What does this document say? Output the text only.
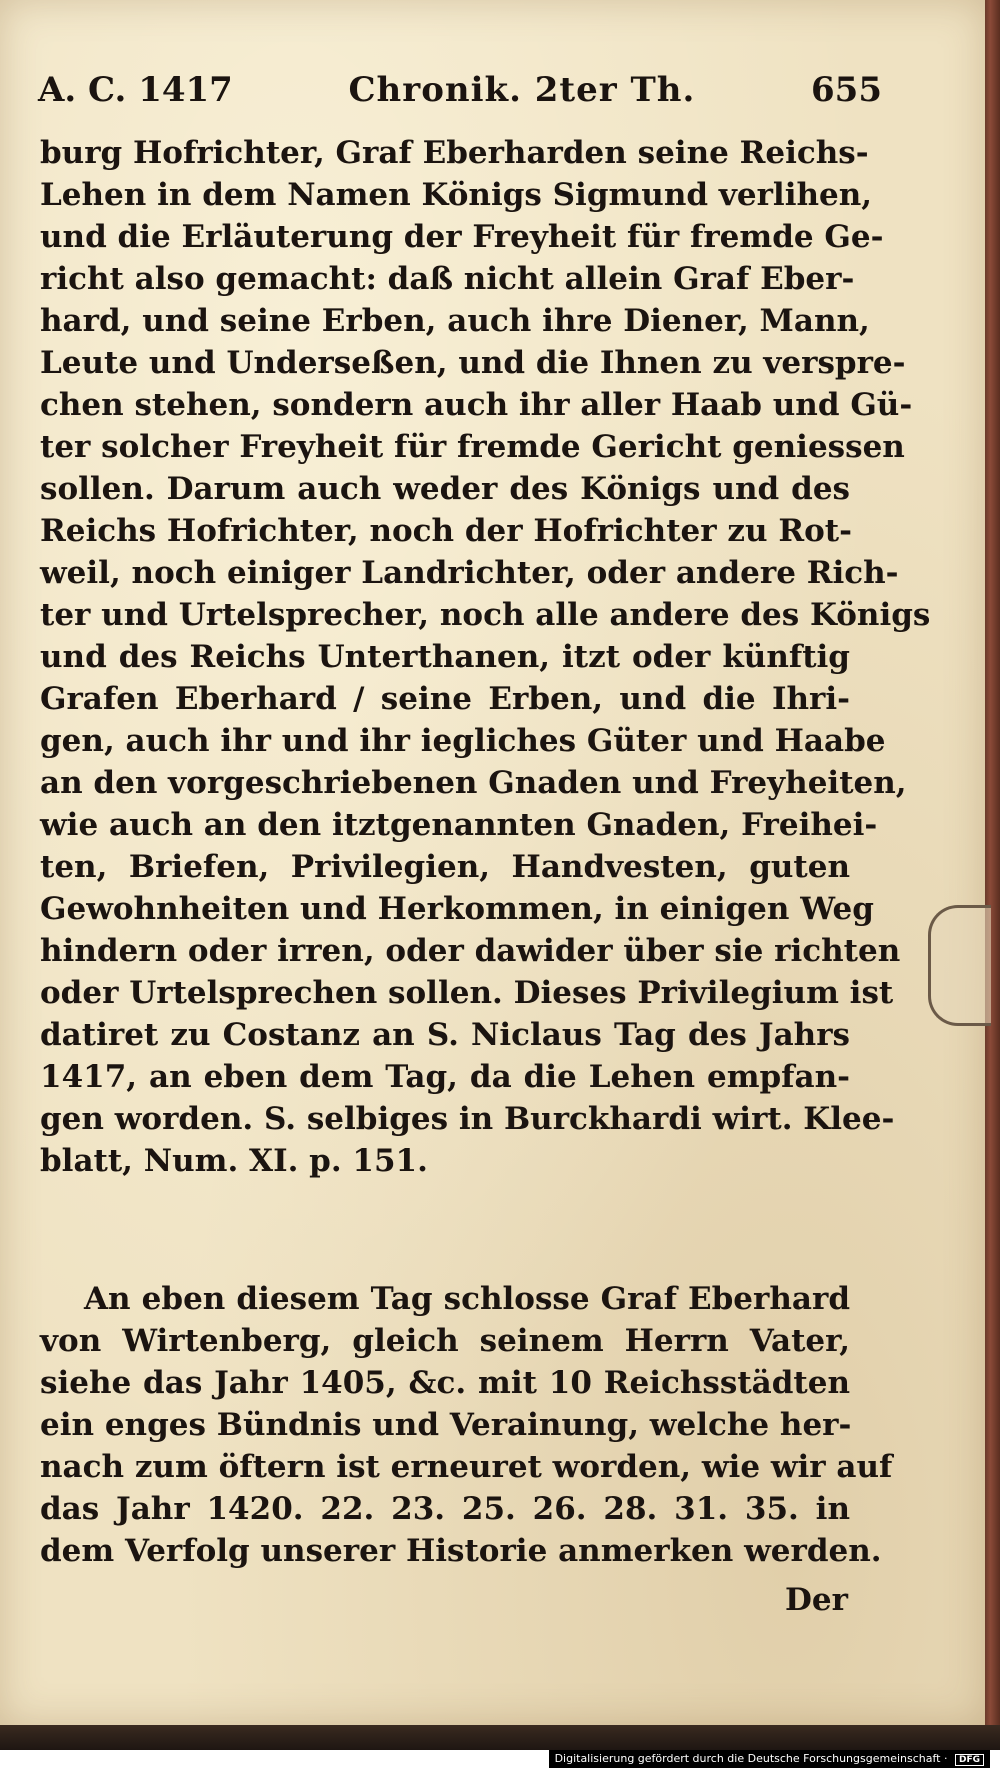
A. C. 1417	Chronik. 2ter Th.	655
burg Hofrichter, Graf Eberharden seine Reichs-
Lehen in dem Namen Königs Sigmund verlihen,
und die Erläuterung der Freyheit für fremde Ge-
richt also gemacht: daß nicht allein Graf Eber-
hard, und seine Erben, auch ihre Diener, Mann,
Leute und Underseßen, und die Ihnen zu verspre-
chen stehen, sondern auch ihr aller Haab und Gü-
ter solcher Freyheit für fremde Gericht geniessen
sollen. Darum auch weder des Königs und des
Reichs Hofrichter, noch der Hofrichter zu Rot-
weil, noch einiger Landrichter, oder andere Rich-
ter und Urtelsprecher, noch alle andere des Königs
und des Reichs Unterthanen, itzt oder künftig
Grafen Eberhard / seine Erben, und die Ihri-
gen, auch ihr und ihr iegliches Güter und Haabe
an den vorgeschriebenen Gnaden und Freyheiten,
wie auch an den itztgenannten Gnaden, Freihei-
ten, Briefen, Privilegien, Handvesten, guten
Gewohnheiten und Herkommen, in einigen Weg
hindern oder irren, oder dawider über sie richten
oder Urtelsprechen sollen. Dieses Privilegium ist
datiret zu Costanz an S. Niclaus Tag des Jahrs
1417, an eben dem Tag, da die Lehen empfan-
gen worden. S. selbiges in Burckhardi wirt. Klee-
blatt, Num. XI. p. 151.
An eben diesem Tag schlosse Graf Eberhard
von Wirtenberg, gleich seinem Herrn Vater,
siehe das Jahr 1405, &c. mit 10 Reichsstädten
ein enges Bündnis und Verainung, welche her-
nach zum öftern ist erneuret worden, wie wir auf
das Jahr 1420. 22. 23. 25. 26. 28. 31. 35. in
dem Verfolg unserer Historie anmerken werden.
Der
Digitalisierung gefördert durch die Deutsche Forschungsgemeinschaft · DFG
